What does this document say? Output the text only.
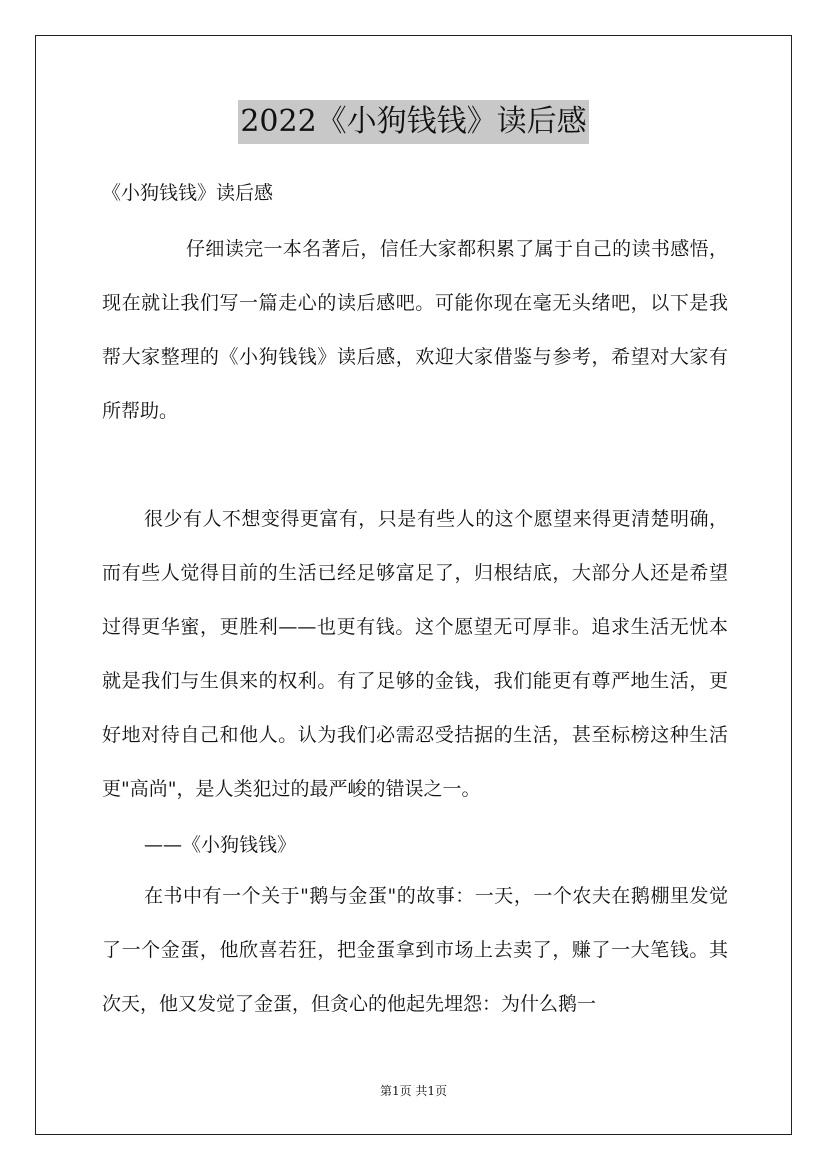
2022《小狗钱钱》读后感
《小狗钱钱》读后感

仔细读完一本名著后，信任大家都积累了属于自己的读书感悟，现在就让我们写一篇走心的读后感吧。可能你现在毫无头绪吧，以下是我帮大家整理的《小狗钱钱》读后感，欢迎大家借鉴与参考，希望对大家有所帮助。

很少有人不想变得更富有，只是有些人的这个愿望来得更清楚明确，而有些人觉得目前的生活已经足够富足了，归根结底，大部分人还是希望过得更华蜜，更胜利——也更有钱。这个愿望无可厚非。追求生活无忧本就是我们与生俱来的权利。有了足够的金钱，我们能更有尊严地生活，更好地对待自己和他人。认为我们必需忍受拮据的生活，甚至标榜这种生活更"高尚"，是人类犯过的最严峻的错误之一。

——《小狗钱钱》

在书中有一个关于"鹅与金蛋"的故事：一天，一个农夫在鹅棚里发觉了一个金蛋，他欣喜若狂，把金蛋拿到市场上去卖了，赚了一大笔钱。其次天，他又发觉了金蛋，但贪心的他起先埋怨：为什么鹅一

第1页 共1页
